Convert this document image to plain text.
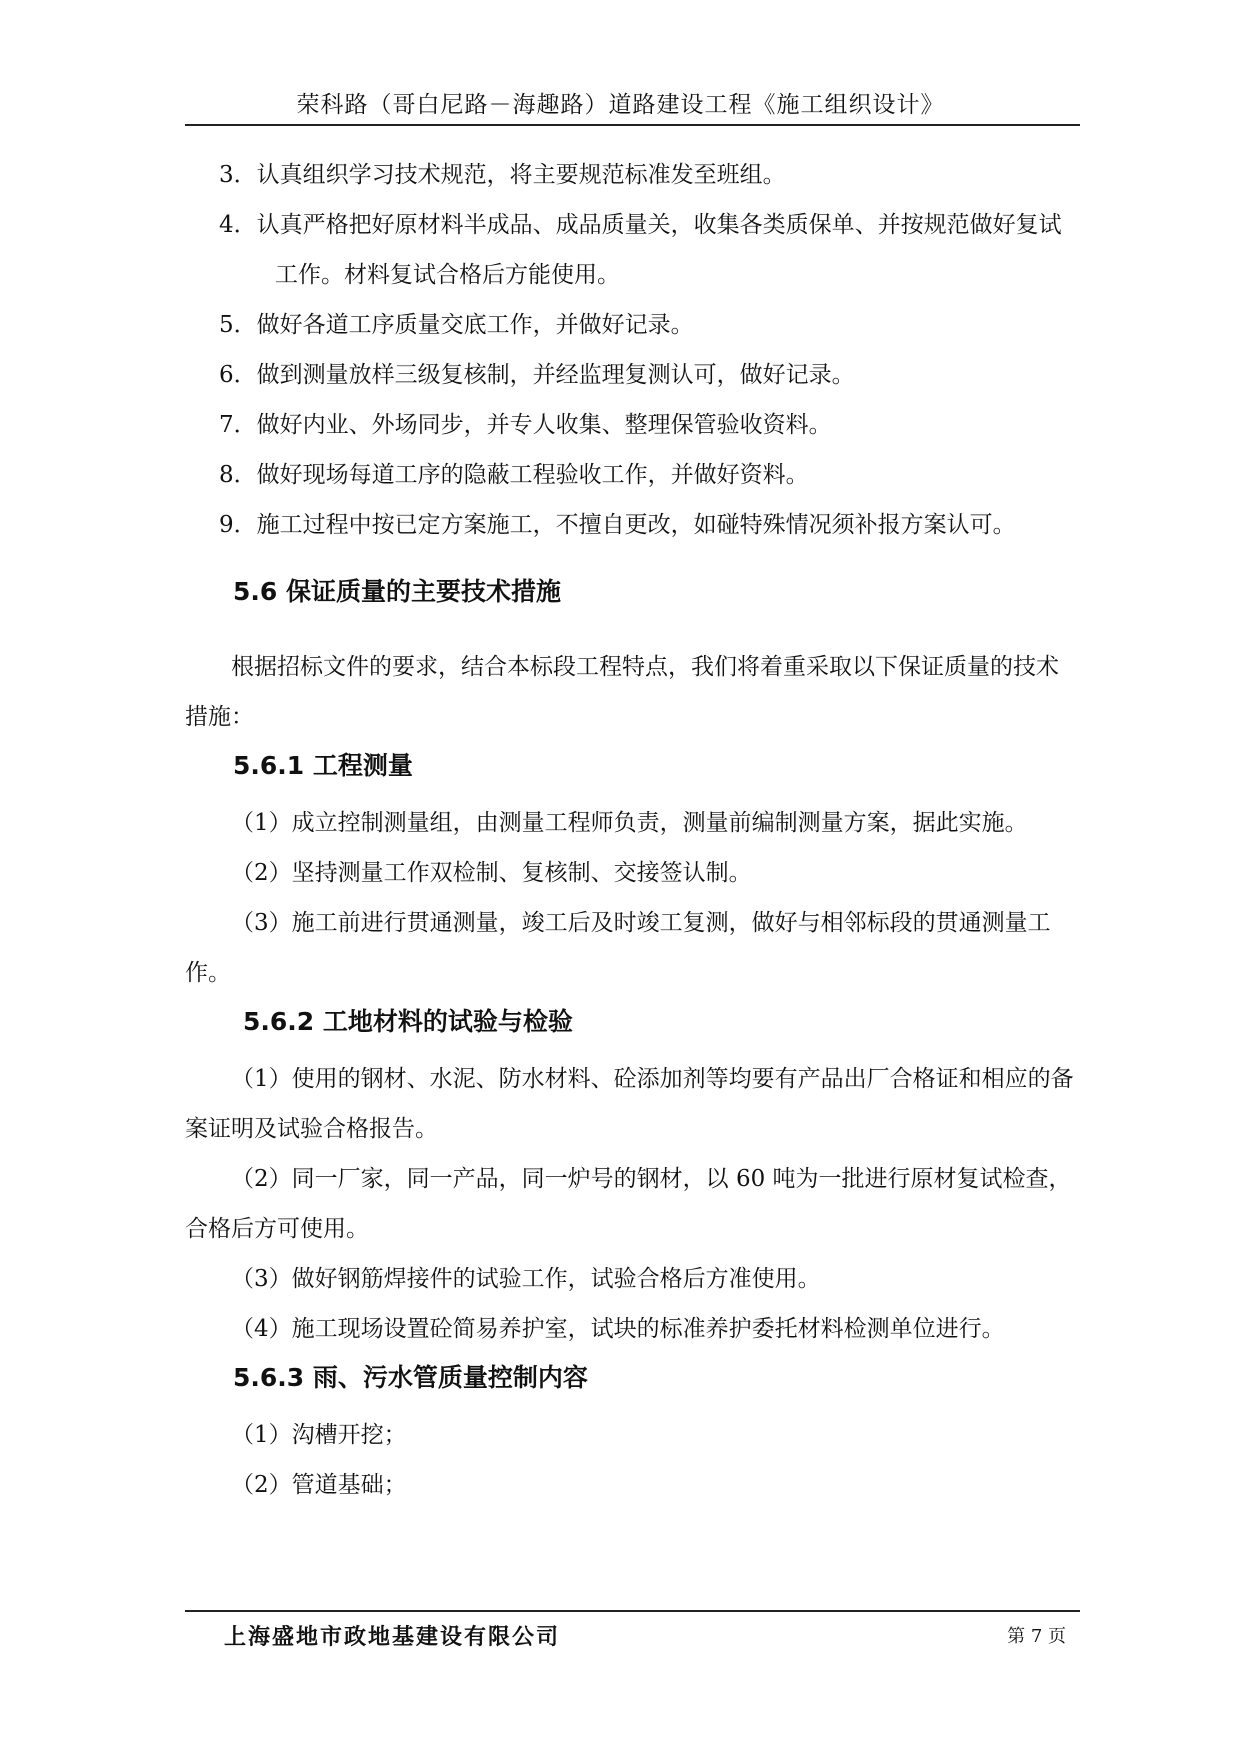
荣科路（哥白尼路－海趣路）道路建设工程《施工组织设计》

3．认真组织学习技术规范，将主要规范标准发至班组。

4．认真严格把好原材料半成品、成品质量关，收集各类质保单、并按规范做好复试工作。材料复试合格后方能使用。

5．做好各道工序质量交底工作，并做好记录。

6．做到测量放样三级复核制，并经监理复测认可，做好记录。

7．做好内业、外场同步，并专人收集、整理保管验收资料。

8．做好现场每道工序的隐蔽工程验收工作，并做好资料。

9．施工过程中按已定方案施工，不擅自更改，如碰特殊情况须补报方案认可。

5.6 保证质量的主要技术措施

根据招标文件的要求，结合本标段工程特点，我们将着重采取以下保证质量的技术措施：

5.6.1 工程测量

（1）成立控制测量组，由测量工程师负责，测量前编制测量方案，据此实施。

（2）坚持测量工作双检制、复核制、交接签认制。

（3）施工前进行贯通测量，竣工后及时竣工复测，做好与相邻标段的贯通测量工作。

5.6.2 工地材料的试验与检验

（1）使用的钢材、水泥、防水材料、砼添加剂等均要有产品出厂合格证和相应的备案证明及试验合格报告。

（2）同一厂家，同一产品，同一炉号的钢材，以 60 吨为一批进行原材复试检查，合格后方可使用。

（3）做好钢筋焊接件的试验工作，试验合格后方准使用。

（4）施工现场设置砼简易养护室，试块的标准养护委托材料检测单位进行。

5.6.3 雨、污水管质量控制内容

（1）沟槽开挖；

（2）管道基础；

上海盛地市政地基建设有限公司	第 7 页
